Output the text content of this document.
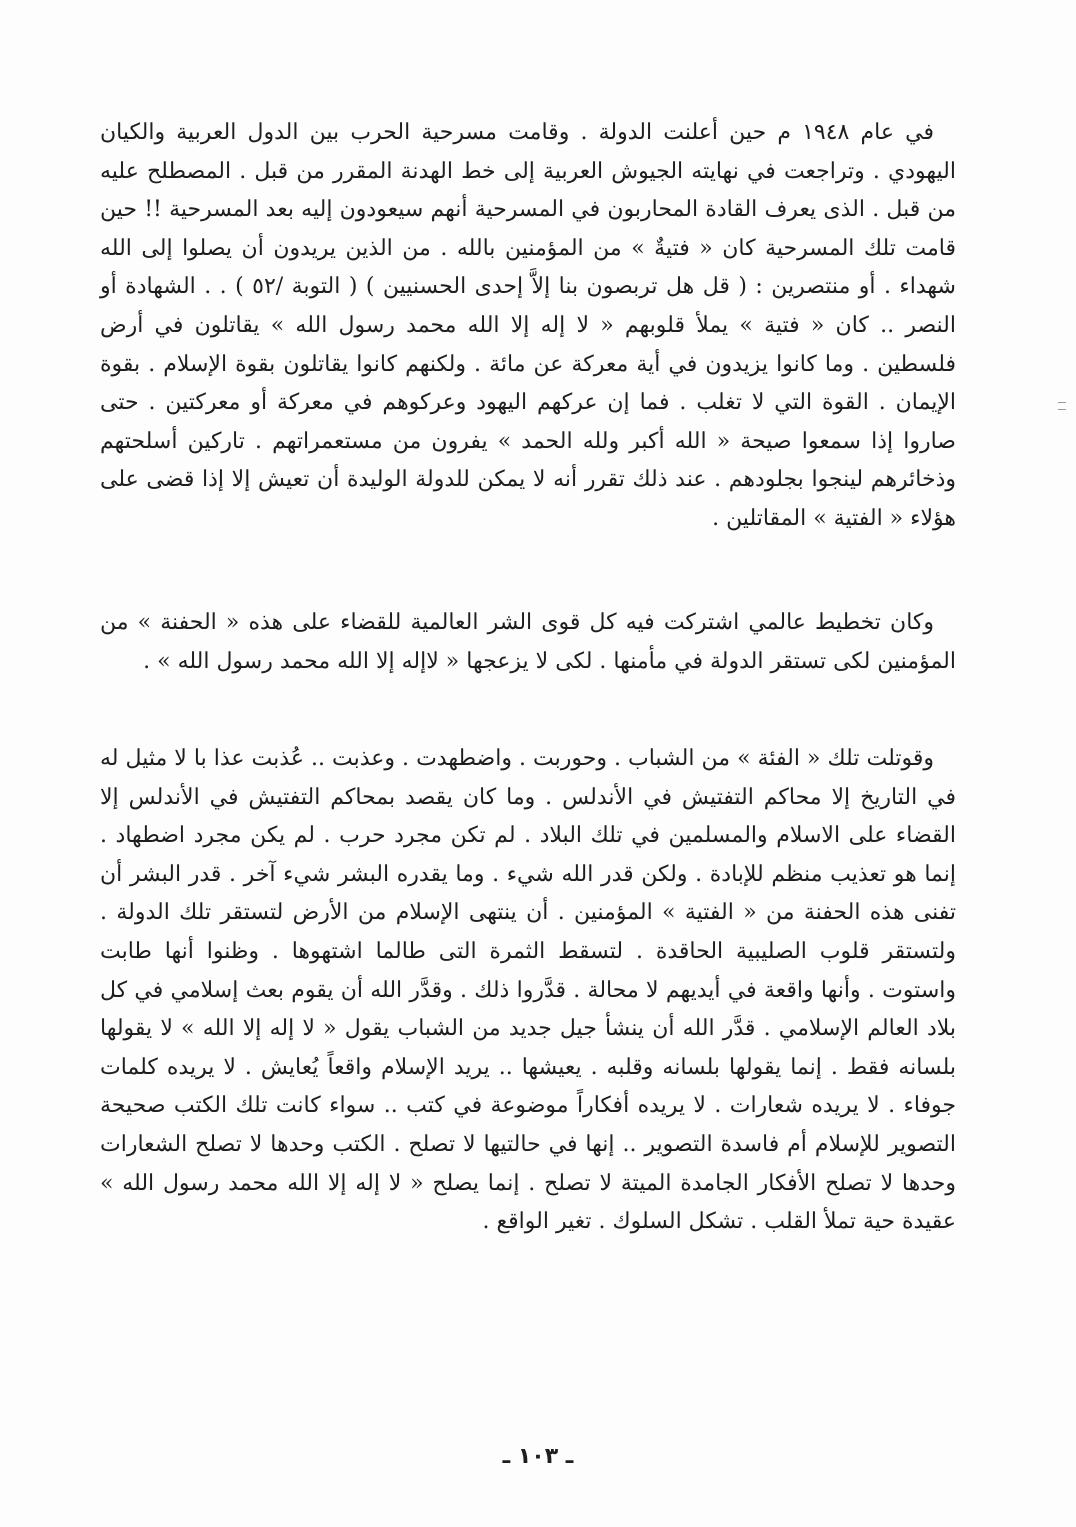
في عام ١٩٤٨ م حين أعلنت الدولة . وقامت مسرحية الحرب بين الدول العربية والكيان اليهودي . وتراجعت في نهايته الجيوش العربية إلى خط الهدنة المقرر من قبل . المصطلح عليه من قبل . الذى يعرف القادة المحاربون في المسرحية أنهم سيعودون إليه بعد المسرحية !! حين قامت تلك المسرحية كان « فتيةٌ » من المؤمنين بالله . من الذين يريدون أن يصلوا إلى الله شهداء . أو منتصرين : ( قل هل تربصون بنا إلاَّ إحدى الحسنيين ) ( التوبة /٥٢ ) . . الشهادة أو النصر .. كان « فتية » يملأ قلوبهم « لا إله إلا الله محمد رسول الله » يقاتلون في أرض فلسطين . وما كانوا يزيدون في أية معركة عن مائة . ولكنهم كانوا يقاتلون بقوة الإسلام . بقوة الإيمان . القوة التي لا تغلب . فما إن عركهم اليهود وعركوهم في معركة أو معركتين . حتى صاروا إذا سمعوا صيحة « الله أكبر ولله الحمد » يفرون من مستعمراتهم . تاركين أسلحتهم وذخائرهم لينجوا بجلودهم . عند ذلك تقرر أنه لا يمكن للدولة الوليدة أن تعيش إلا إذا قضى على هؤلاء « الفتية » المقاتلين .

وكان تخطيط عالمي اشتركت فيه كل قوى الشر العالمية للقضاء على هذه « الحفنة » من المؤمنين لكى تستقر الدولة في مأمنها . لكى لا يزعجها « لاإله إلا الله محمد رسول الله » .

وقوتلت تلك « الفئة » من الشباب . وحوربت . واضطهدت . وعذبت .. عُذبت عذا با لا مثيل له في التاريخ إلا محاكم التفتيش في الأندلس . وما كان يقصد بمحاكم التفتيش في الأندلس إلا القضاء على الاسلام والمسلمين في تلك البلاد . لم تكن مجرد حرب . لم يكن مجرد اضطهاد . إنما هو تعذيب منظم للإبادة . ولكن قدر الله شيء . وما يقدره البشر شيء آخر . قدر البشر أن تفنى هذه الحفنة من « الفتية » المؤمنين . أن ينتهى الإسلام من الأرض لتستقر تلك الدولة . ولتستقر قلوب الصليبية الحاقدة . لتسقط الثمرة التى طالما اشتهوها . وظنوا أنها طابت واستوت . وأنها واقعة في أيديهم لا محالة . قدَّروا ذلك . وقدَّر الله أن يقوم بعث إسلامي في كل بلاد العالم الإسلامي . قدَّر الله أن ينشأ جيل جديد من الشباب يقول « لا إله إلا الله » لا يقولها بلسانه فقط . إنما يقولها بلسانه وقلبه . يعيشها .. يريد الإسلام واقعاً يُعايش . لا يريده كلمات جوفاء . لا يريده شعارات . لا يريده أفكاراً موضوعة في كتب .. سواء كانت تلك الكتب صحيحة التصوير للإسلام أم فاسدة التصوير .. إنها في حالتيها لا تصلح . الكتب وحدها لا تصلح الشعارات وحدها لا تصلح الأفكار الجامدة الميتة لا تصلح . إنما يصلح « لا إله إلا الله محمد رسول الله » عقيدة حية تملأ القلب . تشكل السلوك . تغير الواقع .

ـ ١٠٣ ـ
